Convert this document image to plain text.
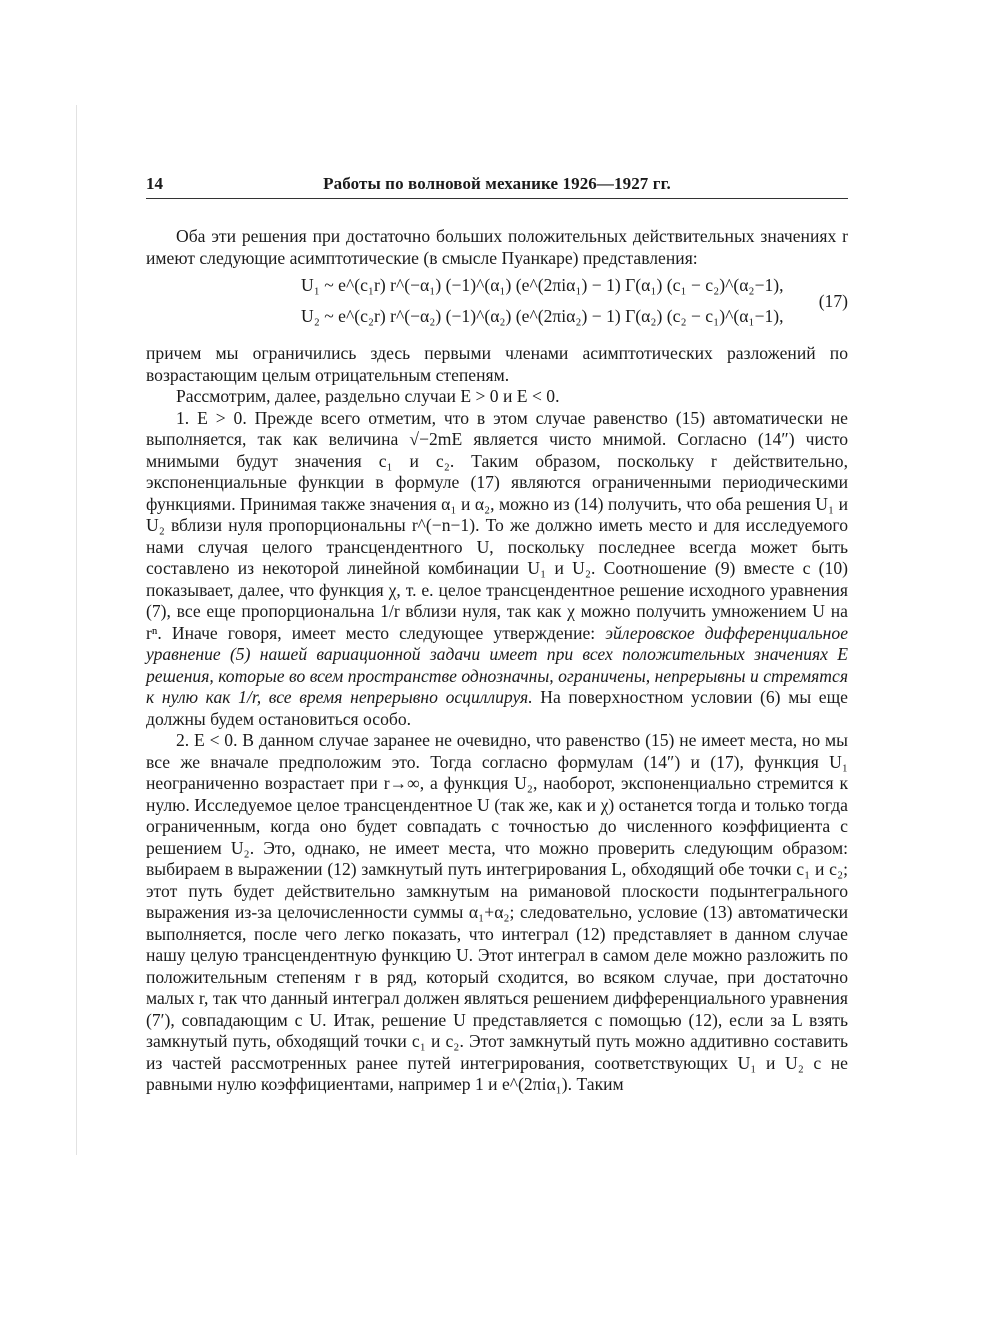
14	Работы по волновой механике 1926—1927 гг.

Оба эти решения при достаточно больших положительных действительных значениях r имеют следующие асимптотические (в смысле Пуанкаре) представления:

U₁ ~ e^(c₁r) r^(−α₁) (−1)^(α₁) (e^(2πiα₁) − 1) Γ(α₁) (c₁ − c₂)^(α₂−1),
U₂ ~ e^(c₂r) r^(−α₂) (−1)^(α₂) (e^(2πiα₂) − 1) Γ(α₂) (c₂ − c₁)^(α₁−1),
(17)

причем мы ограничились здесь первыми членами асимптотических разложений по возрастающим целым отрицательным степеням.

Рассмотрим, далее, раздельно случаи E > 0 и E < 0.

1. E > 0. Прежде всего отметим, что в этом случае равенство (15) автоматически не выполняется, так как величина √−2mE является чисто мнимой. Согласно (14″) чисто мнимыми будут значения c₁ и c₂. Таким образом, поскольку r действительно, экспоненциальные функции в формуле (17) являются ограниченными периодическими функциями. Принимая также значения α₁ и α₂, можно из (14) получить, что оба решения U₁ и U₂ вблизи нуля пропорциональны r^(−n−1). То же должно иметь место и для исследуемого нами случая целого трансцендентного U, поскольку последнее всегда может быть составлено из некоторой линейной комбинации U₁ и U₂. Соотношение (9) вместе с (10) показывает, далее, что функция χ, т. е. целое трансцендентное решение исходного уравнения (7), все еще пропорциональна 1/r вблизи нуля, так как χ можно получить умножением U на rⁿ. Иначе говоря, имеет место следующее утверждение: эйлеровское дифференциальное уравнение (5) нашей вариационной задачи имеет при всех положительных значениях E решения, которые во всем пространстве однозначны, ограничены, непрерывны и стремятся к нулю как 1/r, все время непрерывно осциллируя. На поверхностном условии (6) мы еще должны будем остановиться особо.

2. E < 0. В данном случае заранее не очевидно, что равенство (15) не имеет места, но мы все же вначале предположим это. Тогда согласно формулам (14″) и (17), функция U₁ неограниченно возрастает при r→∞, а функция U₂, наоборот, экспоненциально стремится к нулю. Исследуемое целое трансцендентное U (так же, как и χ) останется тогда и только тогда ограниченным, когда оно будет совпадать с точностью до численного коэффициента с решением U₂. Это, однако, не имеет места, что можно проверить следующим образом: выбираем в выражении (12) замкнутый путь интегрирования L, обходящий обе точки c₁ и c₂; этот путь будет действительно замкнутым на римановой плоскости подынтегрального выражения из-за целочисленности суммы α₁+α₂; следовательно, условие (13) автоматически выполняется, после чего легко показать, что интеграл (12) представляет в данном случае нашу целую трансцендентную функцию U. Этот интеграл в самом деле можно разложить по положительным степеням r в ряд, который сходится, во всяком случае, при достаточно малых r, так что данный интеграл должен являться решением дифференциального уравнения (7′), совпадающим с U. Итак, решение U представляется с помощью (12), если за L взять замкнутый путь, обходящий точки c₁ и c₂. Этот замкнутый путь можно аддитивно составить из частей рассмотренных ранее путей интегрирования, соответствующих U₁ и U₂ с не равными нулю коэффициентами, например 1 и e^(2πiα₁). Таким
